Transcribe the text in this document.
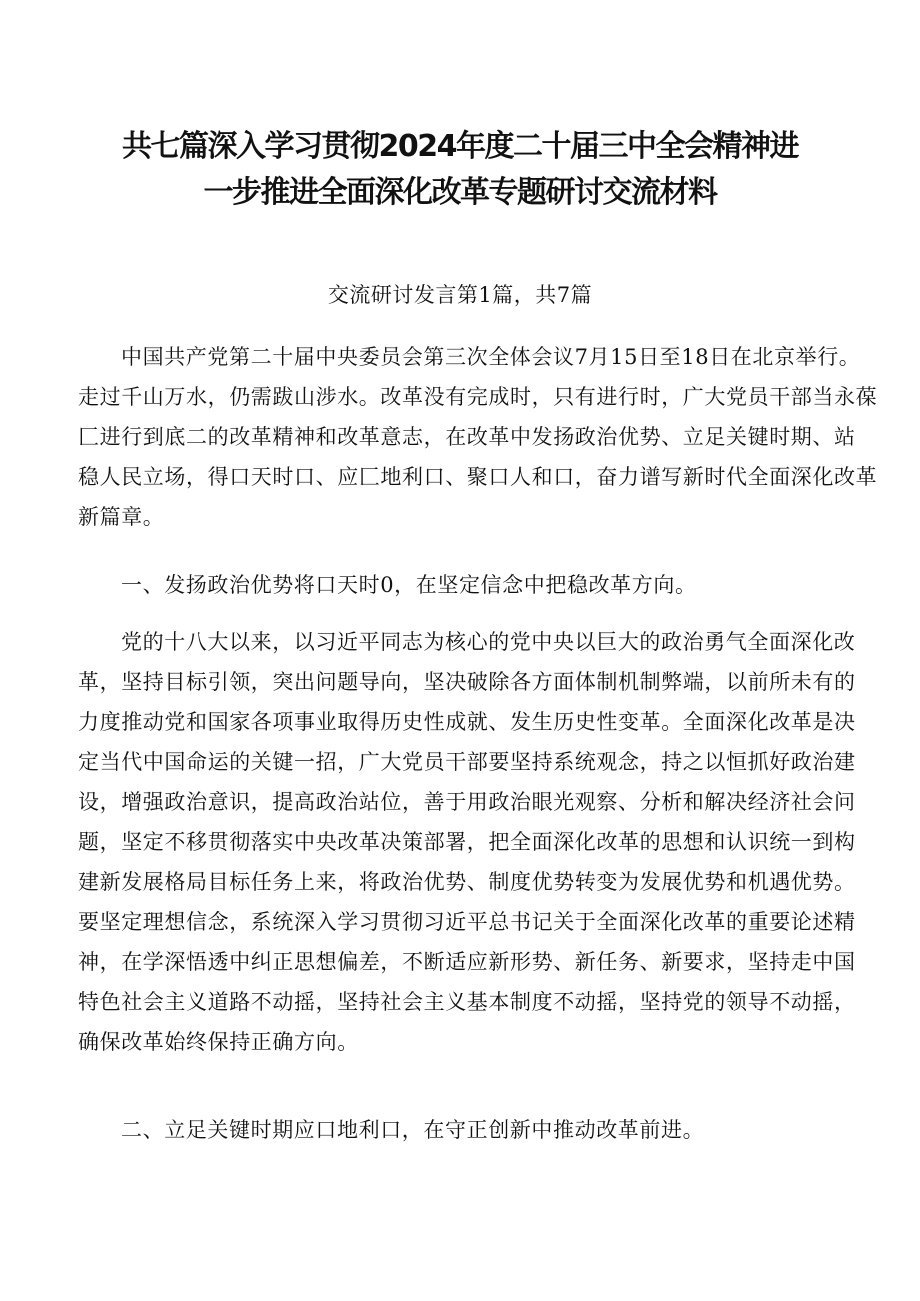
共七篇深入学习贯彻2024年度二十届三中全会精神进
一步推进全面深化改革专题研讨交流材料

交流研讨发言第1篇，共7篇

中国共产党第二十届中央委员会第三次全体会议7月15日至18日在北京举行。
走过千山万水，仍需跋山涉水。改革没有完成时，只有进行时，广大党员干部当永葆
匚进行到底二的改革精神和改革意志，在改革中发扬政治优势、立足关键时期、站
稳人民立场，得口天时口、应匚地利口、聚口人和口，奋力谱写新时代全面深化改革
新篇章。

一、发扬政治优势将口天时0，在坚定信念中把稳改革方向。

党的十八大以来，以习近平同志为核心的党中央以巨大的政治勇气全面深化改
革，坚持目标引领，突出问题导向，坚决破除各方面体制机制弊端，以前所未有的
力度推动党和国家各项事业取得历史性成就、发生历史性变革。全面深化改革是决
定当代中国命运的关键一招，广大党员干部要坚持系统观念，持之以恒抓好政治建
设，增强政治意识，提高政治站位，善于用政治眼光观察、分析和解决经济社会问
题，坚定不移贯彻落实中央改革决策部署，把全面深化改革的思想和认识统一到构
建新发展格局目标任务上来，将政治优势、制度优势转变为发展优势和机遇优势。
要坚定理想信念，系统深入学习贯彻习近平总书记关于全面深化改革的重要论述精
神，在学深悟透中纠正思想偏差，不断适应新形势、新任务、新要求，坚持走中国
特色社会主义道路不动摇，坚持社会主义基本制度不动摇，坚持党的领导不动摇，
确保改革始终保持正确方向。

二、立足关键时期应口地利口，在守正创新中推动改革前进。
